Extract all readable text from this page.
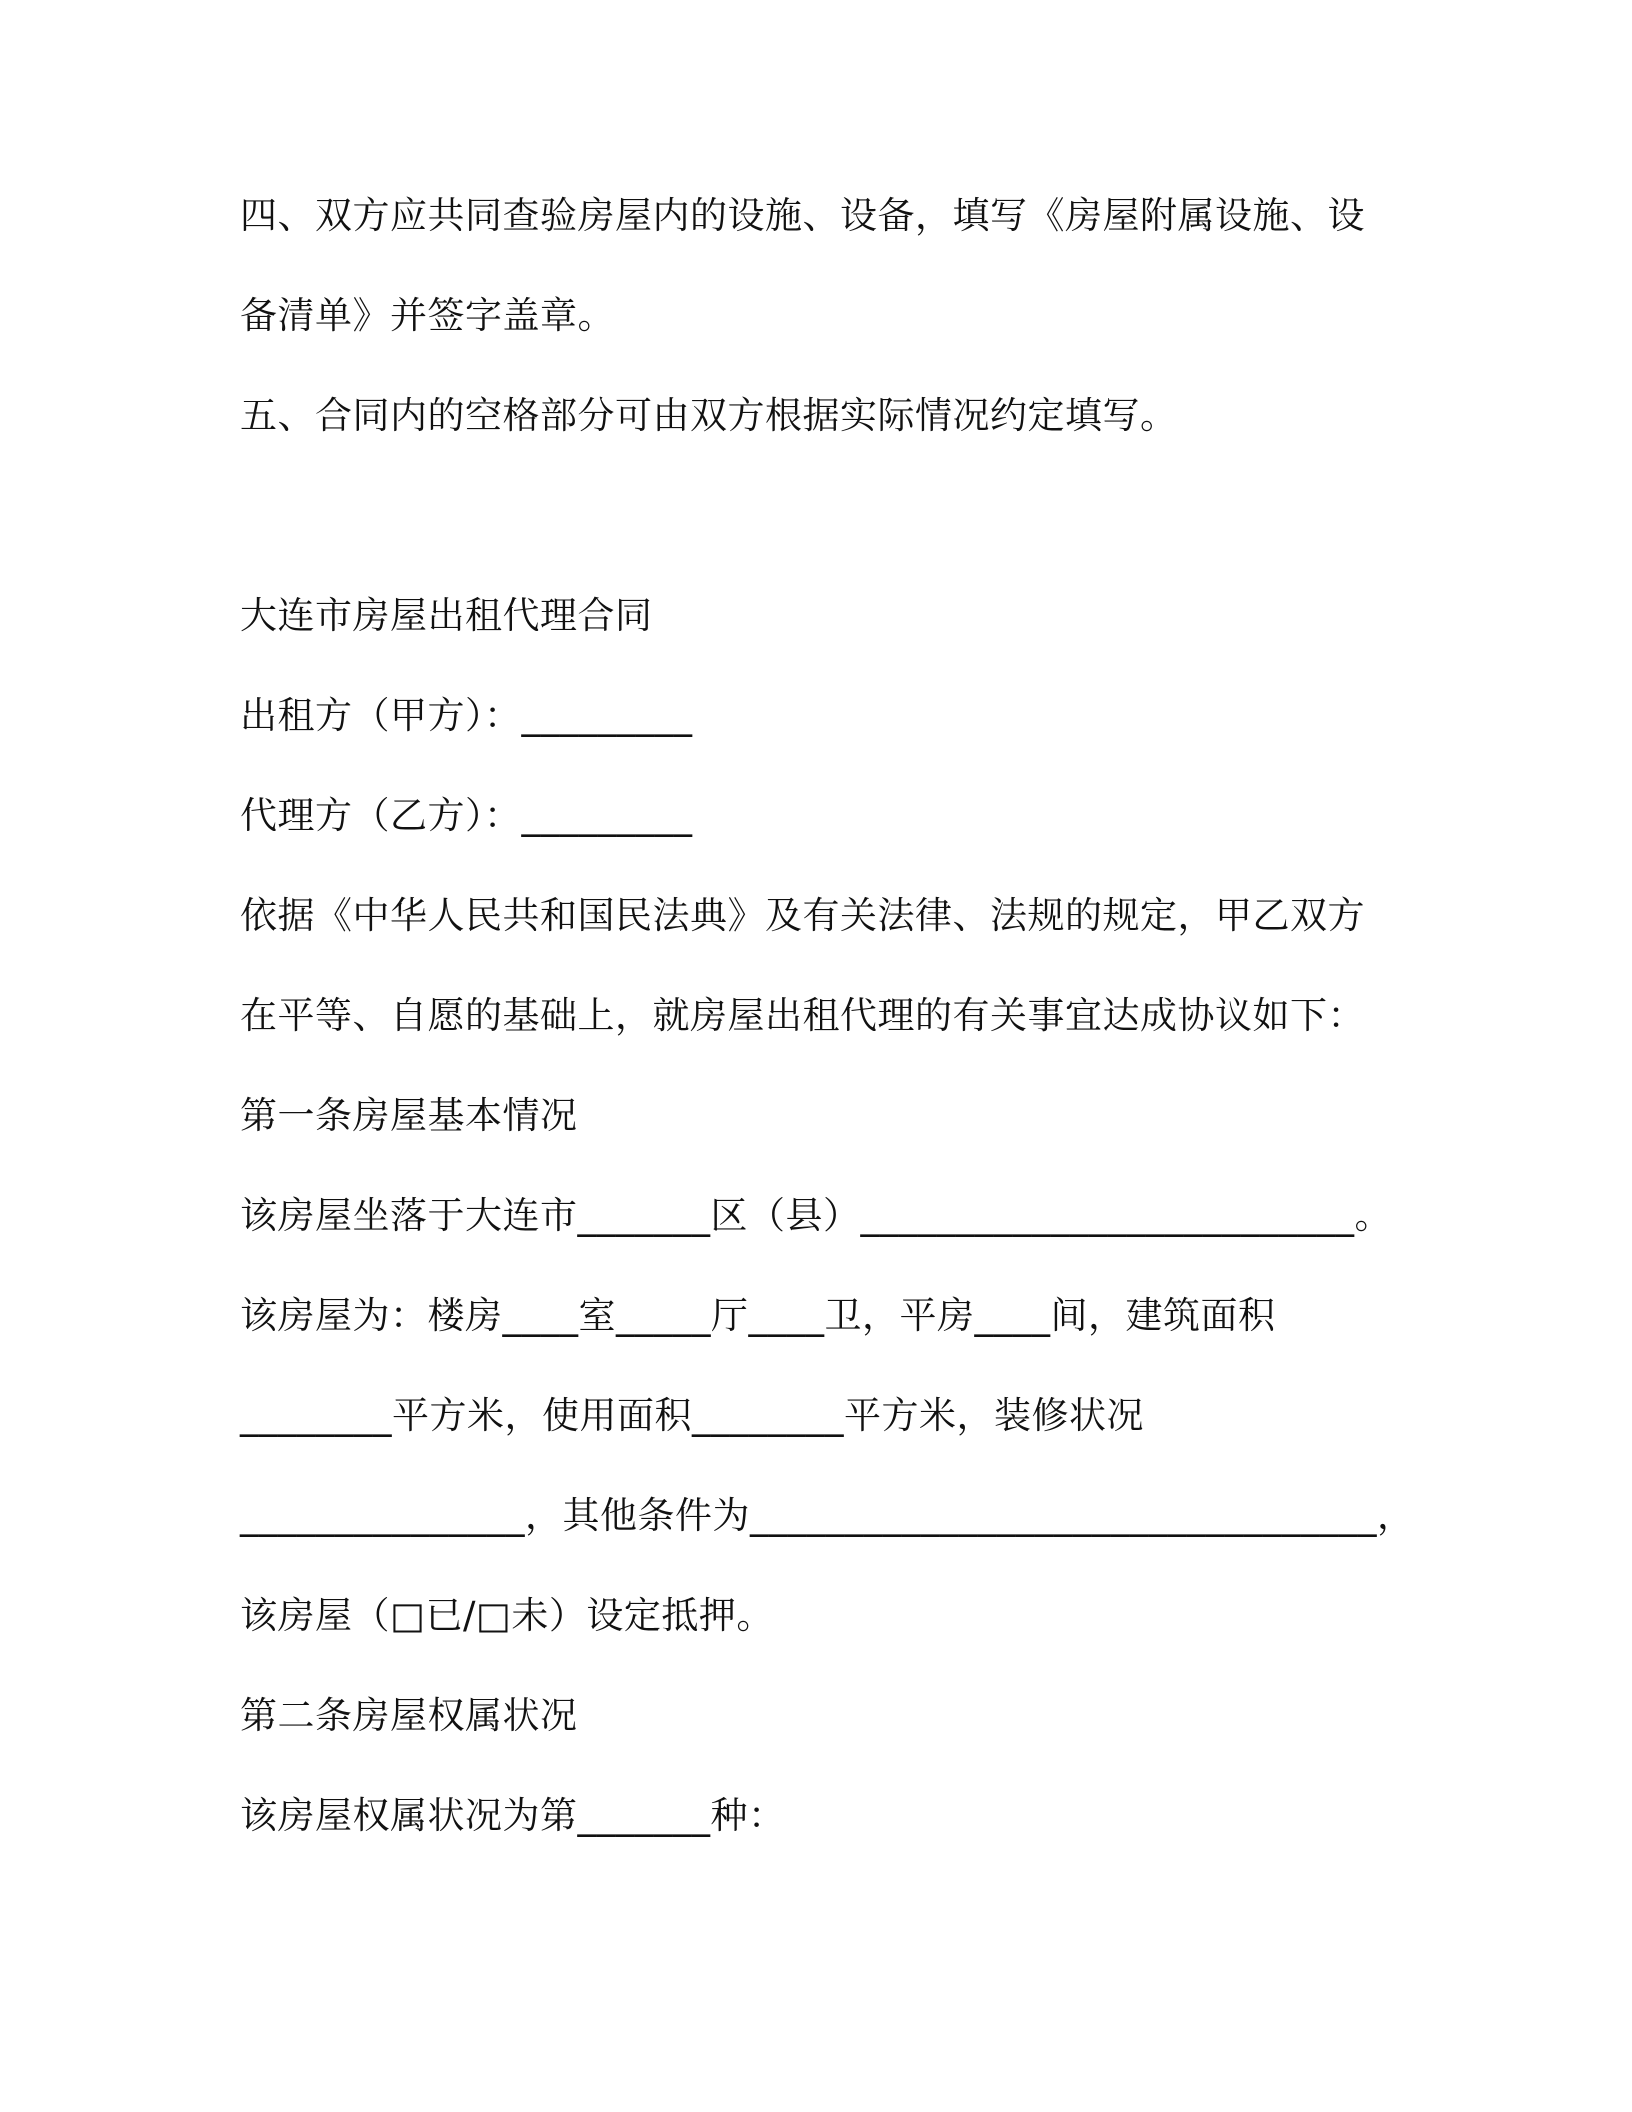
四、双方应共同查验房屋内的设施、设备，填写《房屋附属设施、设

备清单》并签字盖章。

五、合同内的空格部分可由双方根据实际情况约定填写。

大连市房屋出租代理合同

出租方（甲方）：_________

代理方（乙方）：_________

依据《中华人民共和国民法典》及有关法律、法规的规定，甲乙双方

在平等、自愿的基础上，就房屋出租代理的有关事宜达成协议如下：

第一条房屋基本情况

该房屋坐落于大连市_______区（县）__________________________。

该房屋为：楼房____室_____厅____卫，平房____间，建筑面积

________平方米，使用面积________平方米，装修状况

_______________，其他条件为_________________________________，

该房屋（□已/□未）设定抵押。

第二条房屋权属状况

该房屋权属状况为第_______种：
